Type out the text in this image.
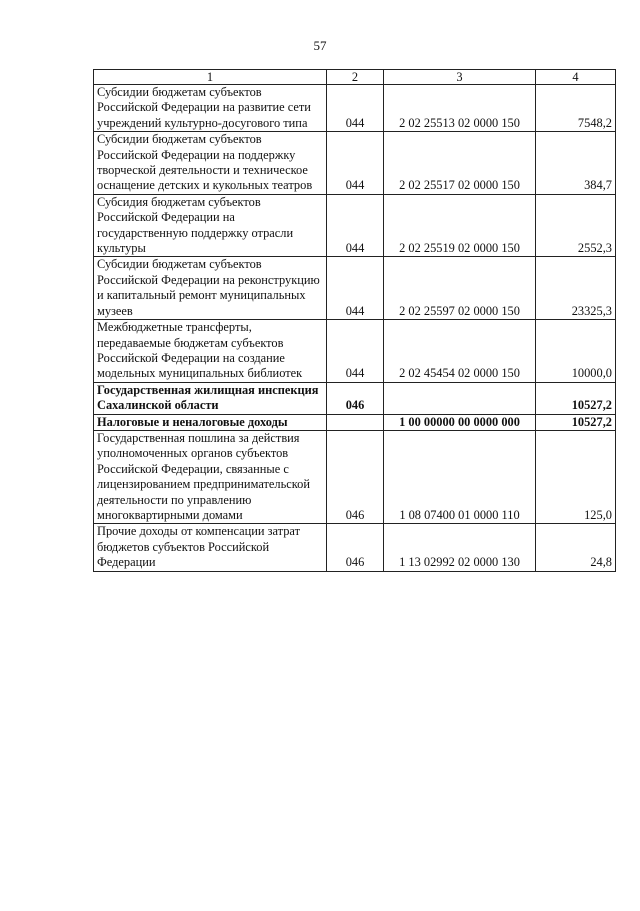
57
1	2	3	4
Субсидии бюджетам субъектов Российской Федерации на развитие сети учреждений культурно-досугового типа	044	2 02 25513 02 0000 150	7548,2
Субсидии бюджетам субъектов Российской Федерации на поддержку творческой деятельности и техническое оснащение детских и кукольных театров	044	2 02 25517 02 0000 150	384,7
Субсидия бюджетам субъектов Российской Федерации на государственную поддержку отрасли культуры	044	2 02 25519 02 0000 150	2552,3
Субсидии бюджетам субъектов Российской Федерации на реконструкцию и капитальный ремонт муниципальных музеев	044	2 02 25597 02 0000 150	23325,3
Межбюджетные трансферты, передаваемые бюджетам субъектов Российской Федерации на создание модельных муниципальных библиотек	044	2 02 45454 02 0000 150	10000,0
Государственная жилищная инспекция Сахалинской области	046		10527,2
Налоговые и неналоговые доходы		1 00 00000 00 0000 000	10527,2
Государственная пошлина за действия уполномоченных органов субъектов Российской Федерации, связанные с лицензированием предпринимательской деятельности по управлению многоквартирными домами	046	1 08 07400 01 0000 110	125,0
Прочие доходы от компенсации затрат бюджетов субъектов Российской Федерации	046	1 13 02992 02 0000 130	24,8
